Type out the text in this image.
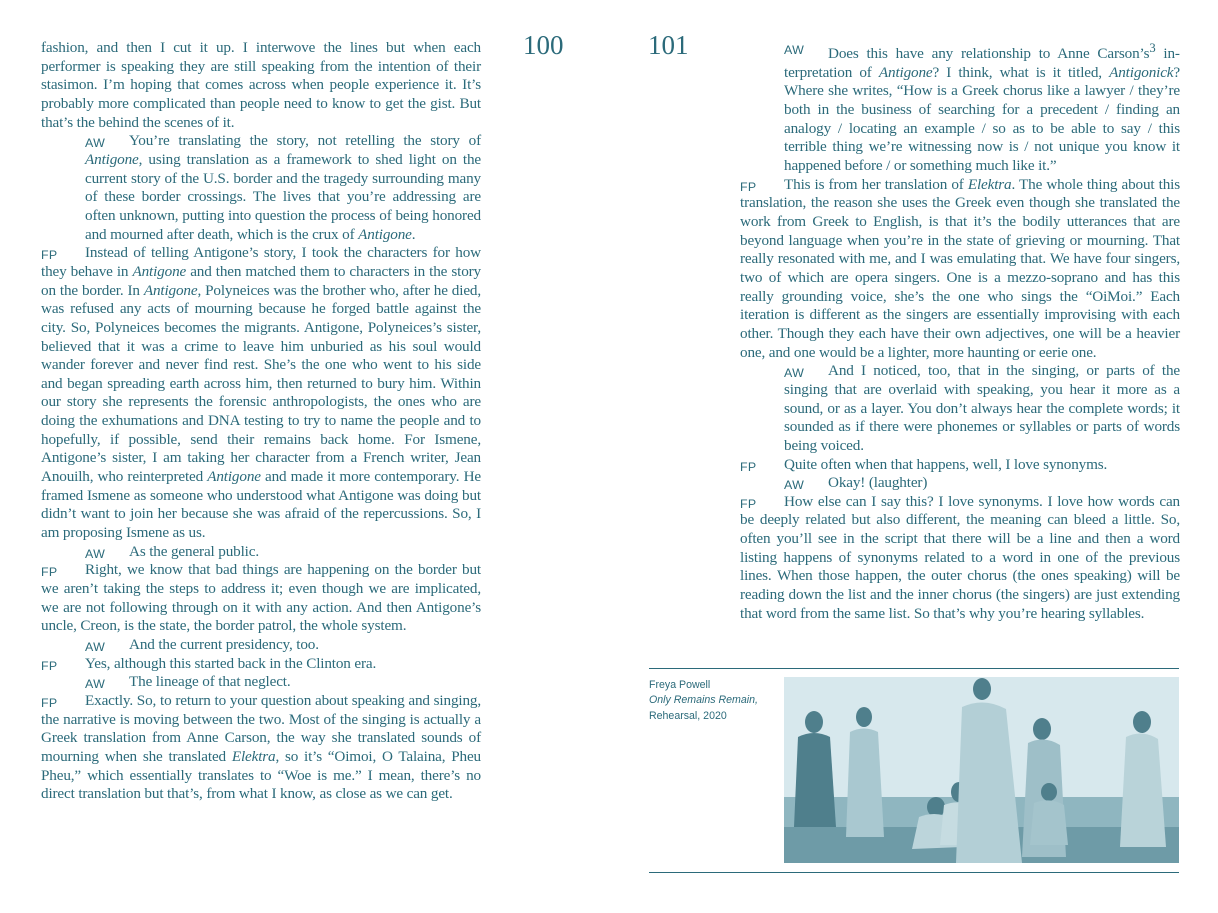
100
fashion, and then I cut it up. I interwove the lines but when each performer is speaking they are still speaking from the intention of their stasimon. I’m hoping that comes across when people experience it. It’s probably more complicated than people need to know to get the gist. But that’s the behind the scenes of it.
AW	You’re translating the story, not retelling the story of Antigone, using translation as a framework to shed light on the current story of the U.S. border and the tragedy surrounding many of these border crossings. The lives that you’re addressing are often unknown, putting into question the process of being honored and mourned after death, which is the crux of Antigone.
FP	Instead of telling Antigone’s story, I took the characters for how they behave in Antigone and then matched them to characters in the story on the border. In Antigone, Polyneices was the brother who, after he died, was refused any acts of mourning because he forged battle against the city. So, Polyneices becomes the migrants. Antigone, Polyneices’s sister, believed that it was a crime to leave him unburied as his soul would wander forever and never find rest. She’s the one who went to his side and began spreading earth across him, then returned to bury him. Within our story she represents the forensic anthropologists, the ones who are doing the exhumations and DNA testing to try to name the people and to hopefully, if possible, send their remains back home. For Ismene, Antigone’s sister, I am taking her character from a French writer, Jean Anouilh, who reinterpreted Antigone and made it more contemporary. He framed Ismene as someone who understood what Antigone was doing but didn’t want to join her because she was afraid of the repercussions. So, I am proposing Ismene as us.
AW	As the general public.
FP	Right, we know that bad things are happening on the border but we aren’t taking the steps to address it; even though we are implicated, we are not following through on it with any action. And then Antigone’s uncle, Creon, is the state, the border patrol, the whole system.
AW	And the current presidency, too.
FP	Yes, although this started back in the Clinton era.
AW	The lineage of that neglect.
FP	Exactly. So, to return to your question about speaking and singing, the narrative is moving between the two. Most of the singing is actually a Greek translation from Anne Carson, the way she translated sounds of mourning when she translated Elektra, so it’s “Oimoi, O Talaina, Pheu Pheu,” which essentially translates to “Woe is me.” I mean, there’s no direct translation but that’s, from what I know, as close as we can get.
101	AW	Does this have any relationship to Anne $Carson’s^3$ interpretation of Antigone? I think, what is it titled, Antigonick? Where she writes, “How is a Greek chorus like a lawyer / they’re both in the business of searching for a precedent / finding an analogy / locating an example / so as to be able to say / this terrible thing we’re witnessing now is / not unique you know it happened before / or something much like it.”
FP	This is from her translation of Elektra. The whole thing about this translation, the reason she uses the Greek even though she translated the work from Greek to English, is that it’s the bodily utterances that are beyond language when you’re in the state of grieving or mourning. That really resonated with me, and I was emulating that. We have four singers, two of which are opera singers. One is a mezzo-soprano and has this really grounding voice, she’s the one who sings the “OiMoi.” Each iteration is different as the singers are essentially improvising with each other. Though they each have their own adjectives, one will be a heavier one, and one would be a lighter, more haunting or eerie one.
AW	And I noticed, too, that in the singing, or parts of the singing that are overlaid with speaking, you hear it more as a sound, or as a layer. You don’t always hear the complete words; it sounded as if there were phonemes or syllables or parts of words being voiced.
FP	Quite often when that happens, well, I love synonyms.
AW	Okay! (laughter)
FP	How else can I say this? I love synonyms. I love how words can be deeply related but also different, the meaning can bleed a little. So, often you’ll see in the script that there will be a line and then a word listing happens of synonyms related to a word in one of the previous lines. When those happen, the outer chorus (the ones speaking) will be reading down the list and the inner chorus (the singers) are just extending that word from the same list. So that’s why you’re hearing syllables.
Freya Powell
Only Remains Remain,
Rehearsal, 2020
